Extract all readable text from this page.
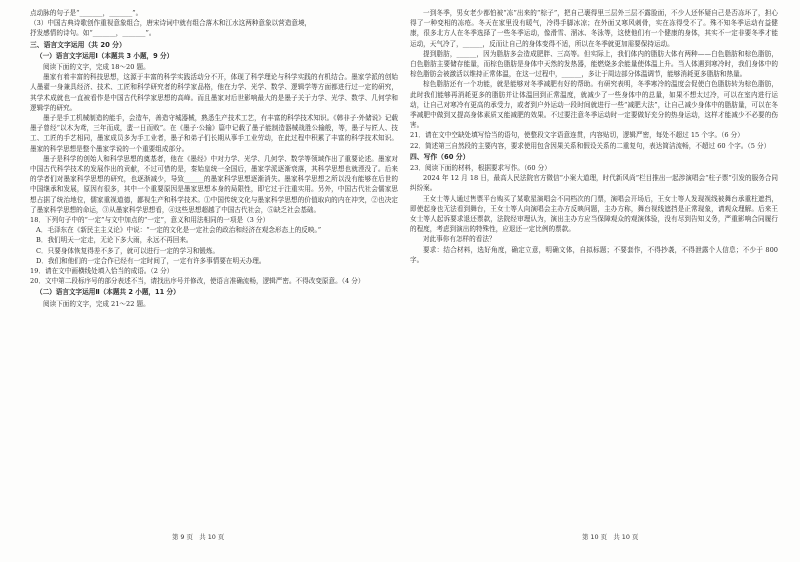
点动脉的句子是“_______，_______”。
（3）中国古典诗歌创作重视意象组合，唐宋诗词中就有组合落木和江水这两种意象以营造意境，
抒发感情的诗句。如“_______，_______”。
三、语言文字运用（共 20 分）
（一）语言文字运用Ⅰ（本题共 3 小题，9 分）
阅读下面的文字，完成 18～20 题。
墨家有着丰富的科技思想，这源于丰富的科学实践活动分不开，体现了科学理论与科学实践的有机结合。墨家学派的创始人墨翟一身兼具经济、技术、工匠和科学研究者的科学家品格，他在力学、光学、数学、逻辑学等方面都进行过一定的研究，其学术成就也一直被看作是中国古代科学家思想的高峰。而且墨家对后世影响最大的是墨子关于力学、光学、数学、几何学和逻辑学的研究。
墨子是手工机械制造的能手，会造车，善造守城器械，熟悉生产技术工艺，有丰富的科学技术知识。《韩非子·外储说》记载墨子曾经“以木为鸢，三年而成，蜚一日而败”。在《墨子·公输》篇中记载了墨子能制造器械战胜公输般，等，墨子与匠人、技工、工匠的手艺相同，墨家成员多为手工业者，墨子和弟子们长期从事手工业劳动，在此过程中积累了丰富的科学技术知识。墨家的科学思想是整个墨家学说的一个重要组成部分。
墨子是科学的创始人和科学思想的奠基者，他在《墨经》中对力学、光学、几何学、数学等领域作出了重要论述。墨家对中国古代科学技术的发展作出的贡献，不过可惜的是，秦始皇统一全国后，墨家学派逐渐衰落，其科学思想也就湮没了。后来的学者们对墨家科学思想的研究，也逐渐减少，导致______的墨家科学思想逐渐消失。墨家科学思想之所以没有能够在后世的中国继承和发展，原因有很多，其中一个重要原因是墨家思想本身的局限性，即它过于注重实用。另外，中国古代社会儒家思想占据了统治地位，儒家重视道德，鄙视生产和科学技术。①中国传统文化与墨家科学思想的价值取向的内在冲突，②也决定了墨家科学思想的命运，③从墨家科学思想看，④这些思想超越了中国古代社会，⑤缺乏社会基础。
18．下列句子中的“一定”与文中加点的“一定”，意义和用法相同的一项是（3 分）
A．毛泽东在《新民主主义论》中说：“一定的文化是一定社会的政治和经济在观念形态上的反映。”
B．我们明天一定走，无论下多大雨，永远不再回来。
C．只要身体恢复得差不多了，就可以进行一定的学习和锻炼。
D．我们和他们的一定合作已经有一定时间了，一定有许多事情要在明天办理。
19．请在文中画横线处填入恰当的成语。（2 分）
20．文中第二段标序号的部分表述不当，请找出序号并修改，使语言准确流畅，逻辑严密。不得改变原意。（4 分）
（二）语言文字运用Ⅱ（本题共 2 小题，11 分）
阅读下面的文字，完成 21～22 题。
一到冬季，男女老少都怕被“冻”出来的“棕子”，把自己裹得里三层外三层不露脸面，不少人还怀疑自己是否冻坏了，担心得了一种变相的冻疮。冬天在家里没有暖气，冷得手脚冰凉；在外面又寒风刺骨，实在冻得受不了。殊不知冬季运动有益健康，很多北方人在冬季选择了一些冬季运动，像滑雪、溜冰、冬泳等，这使他们有一个健康的身体，其实不一定非要冬季才能运动，天气冷了，______，反而让自己的身体变得不适，所以在冬季就更加需要保持运动。
提到脂肪，______，因为脂肪多会造成肥胖、三高等。但实际上，我们体内的脂肪大体有两种——白色脂肪和棕色脂肪，白色脂肪主要储存能量，而棕色脂肪是身体中天然的发热器，能燃烧多余能量使体温上升。当人体遇到寒冷时，我们身体中的棕色脂肪会被激活以维持正常体温，在这一过程中，______，多让于周边部分体温调节，能够消耗更多脂肪和热量。
棕色脂肪还有一个功能，就是能够对冬季减肥有好的帮助。有研究表明，冬季寒冷的温度会促使白色脂肪转为棕色脂肪，此时我们能够再消耗更多的脂肪并让体温回到正常温度，就减少了一些身体中的总量，如果不想太过冷，可以在室内进行运动，让自己对寒冷有更高的承受力，或者到户外运动一段时间就进行一些“减肥大法”，让自己减少身体中的脂肪量，可以在冬季减肥中做到又提高身体素质又能减肥的效果。不过要注意冬季运动时一定要做好充分的热身运动，这样才能减少不必要的伤害。
21．请在文中空缺处填写恰当的语句，使整段文字语意连贯，内容贴切，逻辑严密，每处不超过 15 个字。（6 分）
22．简述第三自然段的主要内容，要求使用包含因果关系和假设关系的二重复句，表达简洁流畅，不超过 60 个字。（5 分）
四、写作（60 分）
23．阅读下面的材料，根据要求写作。（60 分）
2024 年 12 月 18 日，最高人民法院官方微信“小案大道理，时代新风尚”栏目推出一起涉演唱会“柱子票”引发的服务合同纠纷案。
王女士等人通过售票平台购买了某歌星演唱会不同档次的门票，演唱会开场后，王女士等人发现视线被舞台承重柱遮挡，即使起身也无法看到舞台，王女士等人向演唱会主办方反映问题，主办方称，舞台视线遮挡是正常现象，请观众理解。后来王女士等人起诉要求退还票款，法院经审理认为，演出主办方应当保障观众的观演体验，没有尽到告知义务，严重影响合同履行的程度，考虑到演出的特殊性，应退还一定比例的票款。
对此事你有怎样的看法？
要求：结合材料，选好角度，确定立意，明确文体，自拟标题；不要套作，不得抄袭，不得泄露个人信息；不少于 800 字。
第 9 页　共 10 页	第 10 页　共 10 页
